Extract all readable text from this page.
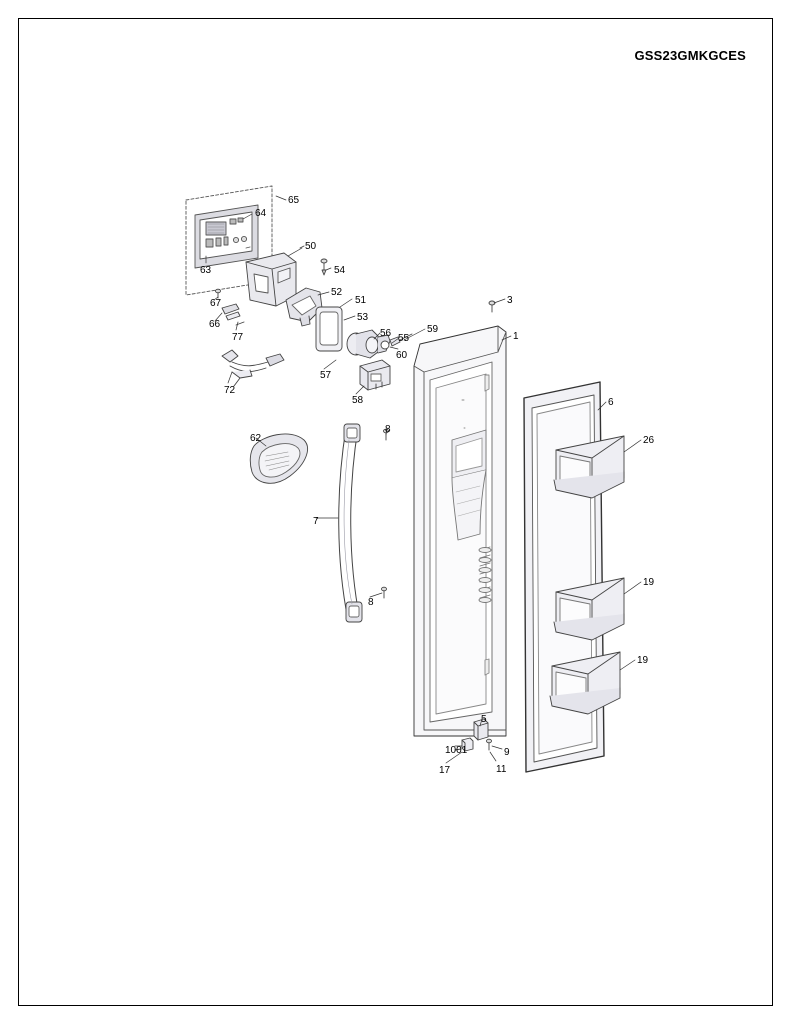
GSS23GMKGCES
65
64
63
50
54
52
51
53
3
1
67
66
77	56 55
59
60
57
58
72
6
26
8
62
7
19
19
8
5
1001	9
17	11
